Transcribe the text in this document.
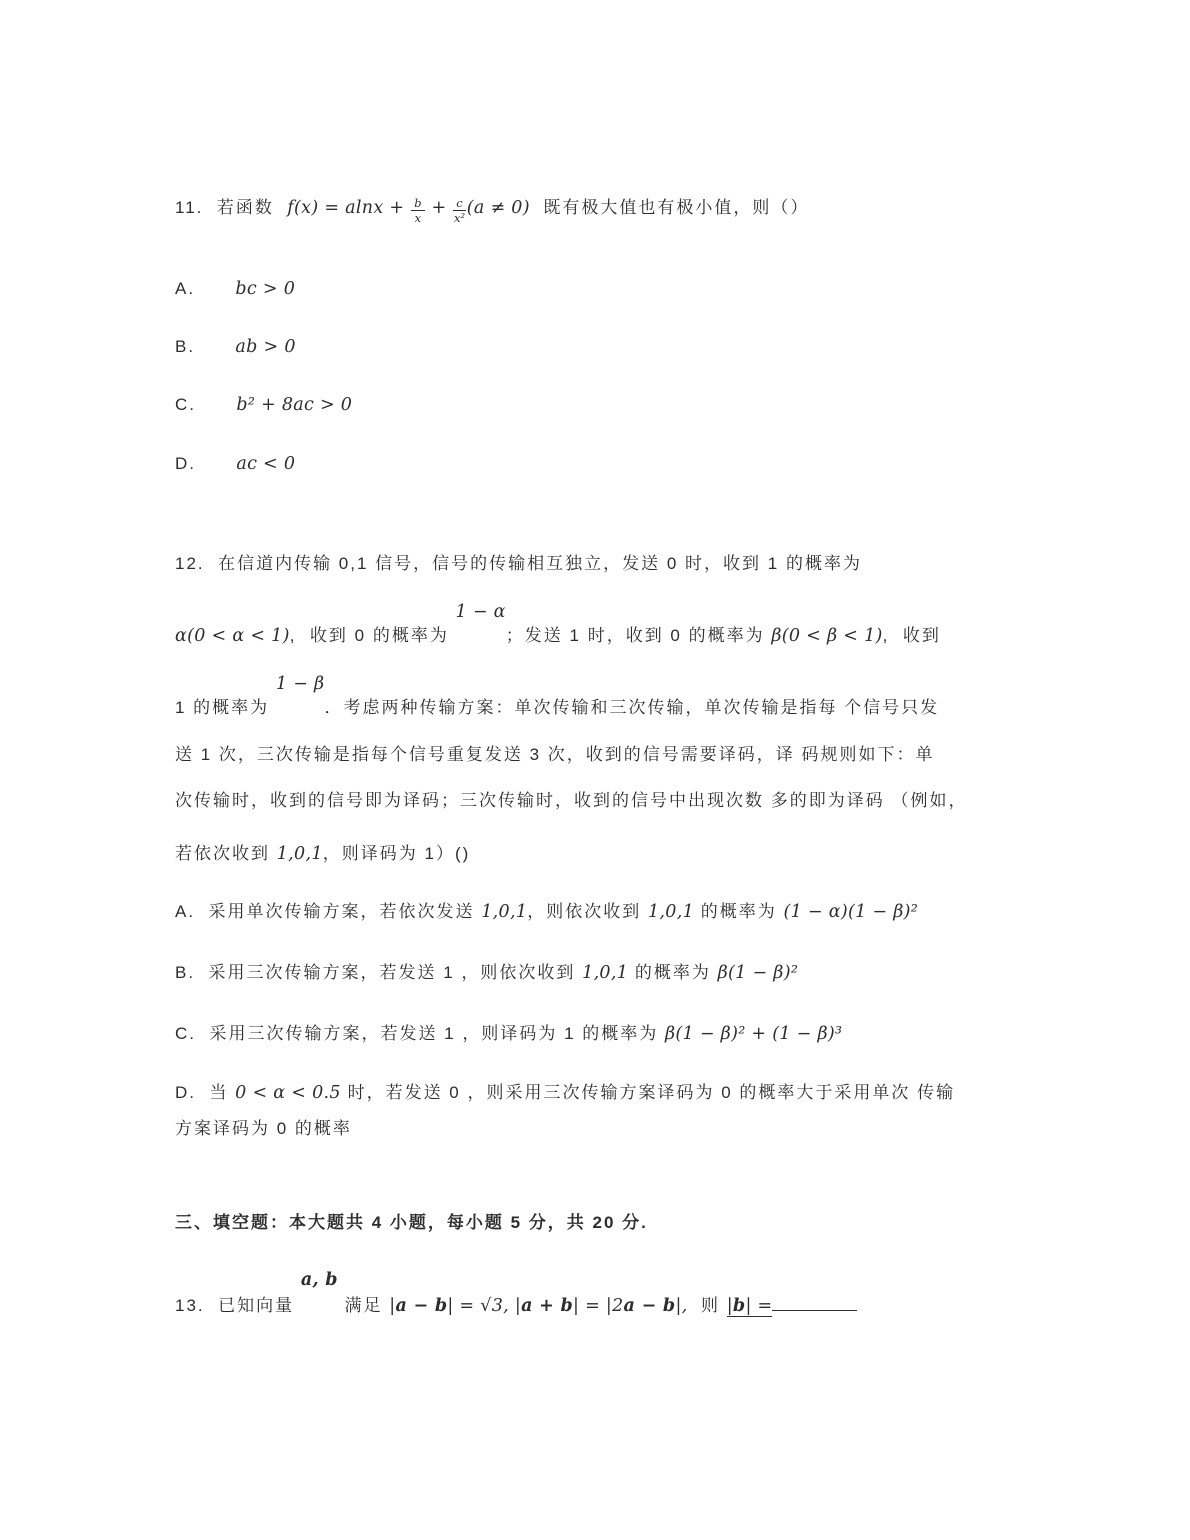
11.  若函数  $f(x) = alnx + \frac{b}{x} + \frac{c}{\text{x²}} (a \ne 0)$  既有极大值也有极小值，则（）
A.      bc > 0
B.      ab > 0
C.      b² + 8ac > 0
D.      ac < 0
12.  在信道内传输 0,1 信号，信号的传输相互独立，发送 0 时，收到 1 的概率为
α(0 < α < 1),  收到 0 的概率为 1 − α；发送 1 时，收到 0 的概率为 β(0 < β < 1),  收到
1 的概率为 1 − β．考虑两种传输方案：单次传输和三次传输，单次传输是指每 个信号只发
送 1 次，三次传输是指每个信号重复发送 3 次，收到的信号需要译码，译 码规则如下：单
次传输时，收到的信号即为译码；三次传输时，收到的信号中出现次数 多的即为译码 （例如，
若依次收到 1,0,1，则译码为 1）()
A.  采用单次传输方案，若依次发送 1,0,1，则依次收到 1,0,1 的概率为 (1 − α)(1 − β)²
B.  采用三次传输方案，若发送 1 ，则依次收到 1,0,1 的概率为 β(1 − β)²
C.  采用三次传输方案，若发送 1 ，则译码为 1 的概率为 β(1 − β)² + (1 − β)³
D.  当 0 < α < 0.5 时，若发送 0 ，则采用三次传输方案译码为 0 的概率大于采用单次 传输
方案译码为 0 的概率
三、填空题：本大题共 4 小题，每小题 5 分，共 20 分.
13.  已知向量 a, b 满足 |a − b| = √3, |a + b| = |2a − b|,  则 |b| =
